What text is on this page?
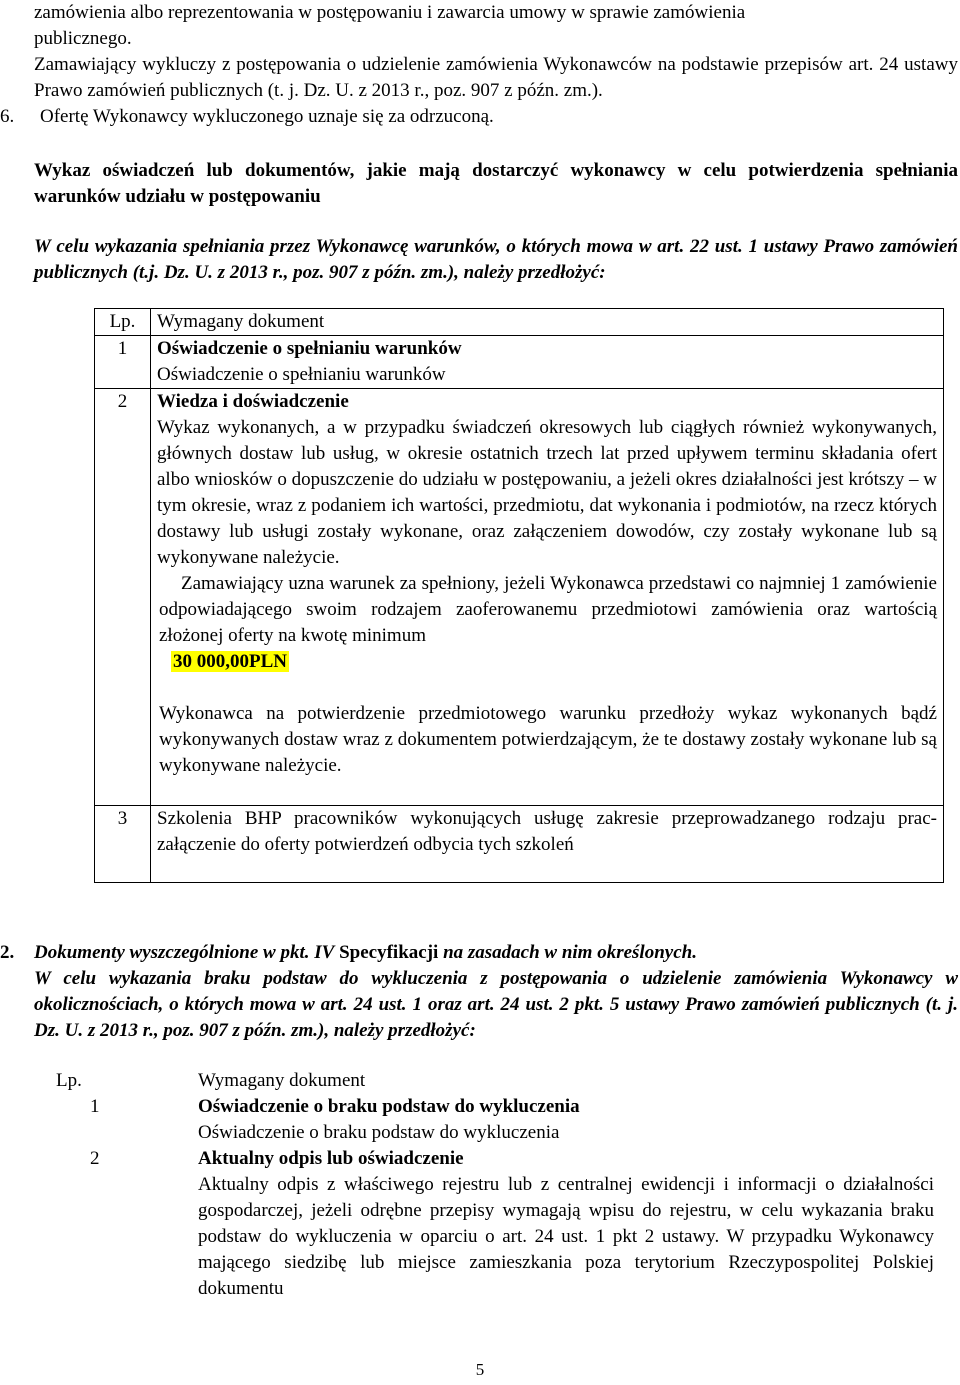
zamówienia albo reprezentowania w postępowaniu i zawarcia umowy w sprawie zamówienia

publicznego.

Zamawiający wykluczy z postępowania o udzielenie zamówienia Wykonawców na podstawie przepisów art. 24 ustawy Prawo zamówień publicznych (t. j. Dz. U. z 2013 r., poz. 907 z późn. zm.).

6. Ofertę Wykonawcy wykluczonego uznaje się za odrzuconą.

Wykaz oświadczeń lub dokumentów, jakie mają dostarczyć wykonawcy w celu potwierdzenia spełniania warunków udziału w postępowaniu

W celu wykazania spełniania przez Wykonawcę warunków, o których mowa w art. 22 ust. 1 ustawy Prawo zamówień publicznych (t.j. Dz. U. z 2013 r., poz. 907 z późn. zm.), należy przedłożyć:

Lp.	Wymagany dokument
1	Oświadczenie o spełnianiu warunków

Oświadczenie o spełnianiu warunków

2	Wiedza i doświadczenie

Wykaz wykonanych, a w przypadku świadczeń okresowych lub ciągłych również wykonywanych, głównych dostaw lub usług, w okresie ostatnich trzech lat przed upływem terminu składania ofert albo wniosków o dopuszczenie do udziału w postępowaniu, a jeżeli okres działalności jest krótszy – w tym okresie, wraz z podaniem ich wartości, przedmiotu, dat wykonania i podmiotów, na rzecz których dostawy lub usługi zostały wykonane, oraz załączeniem dowodów, czy zostały wykonane lub są wykonywane należycie.

Zamawiający uzna warunek za spełniony, jeżeli Wykonawca przedstawi co najmniej 1 zamówienie odpowiadającego swoim rodzajem zaoferowanemu przedmiotowi zamówienia oraz wartością złożonej oferty na kwotę minimum

30 000,00PLN

Wykonawca na potwierdzenie przedmiotowego warunku przedłoży wykaz wykonanych bądź wykonywanych dostaw wraz z dokumentem potwierdzającym, że te dostawy zostały wykonane lub są wykonywane należycie.

3	Szkolenia BHP pracowników wykonujących usługę zakresie przeprowadzanego rodzaju prac- załączenie do oferty potwierdzeń odbycia tych szkoleń

2. Dokumenty wyszczególnione w pkt. IV Specyfikacji na zasadach w nim określonych.

W celu wykazania braku podstaw do wykluczenia z postępowania o udzielenie zamówienia Wykonawcy w okolicznościach, o których mowa w art. 24 ust. 1 oraz art. 24 ust. 2 pkt. 5 ustawy Prawo zamówień publicznych (t. j. Dz. U. z 2013 r., poz. 907 z późn. zm.), należy przedłożyć:

Lp.	Wymagany dokument
1	Oświadczenie o braku podstaw do wykluczenia

Oświadczenie o braku podstaw do wykluczenia

2	Aktualny odpis lub oświadczenie

Aktualny odpis z właściwego rejestru lub z centralnej ewidencji i informacji o działalności gospodarczej, jeżeli odrębne przepisy wymagają wpisu do rejestru, w celu wykazania braku podstaw do wykluczenia w oparciu o art. 24 ust. 1 pkt 2 ustawy. W przypadku Wykonawcy mającego siedzibę lub miejsce zamieszkania poza terytorium Rzeczypospolitej Polskiej dokumentu

5
